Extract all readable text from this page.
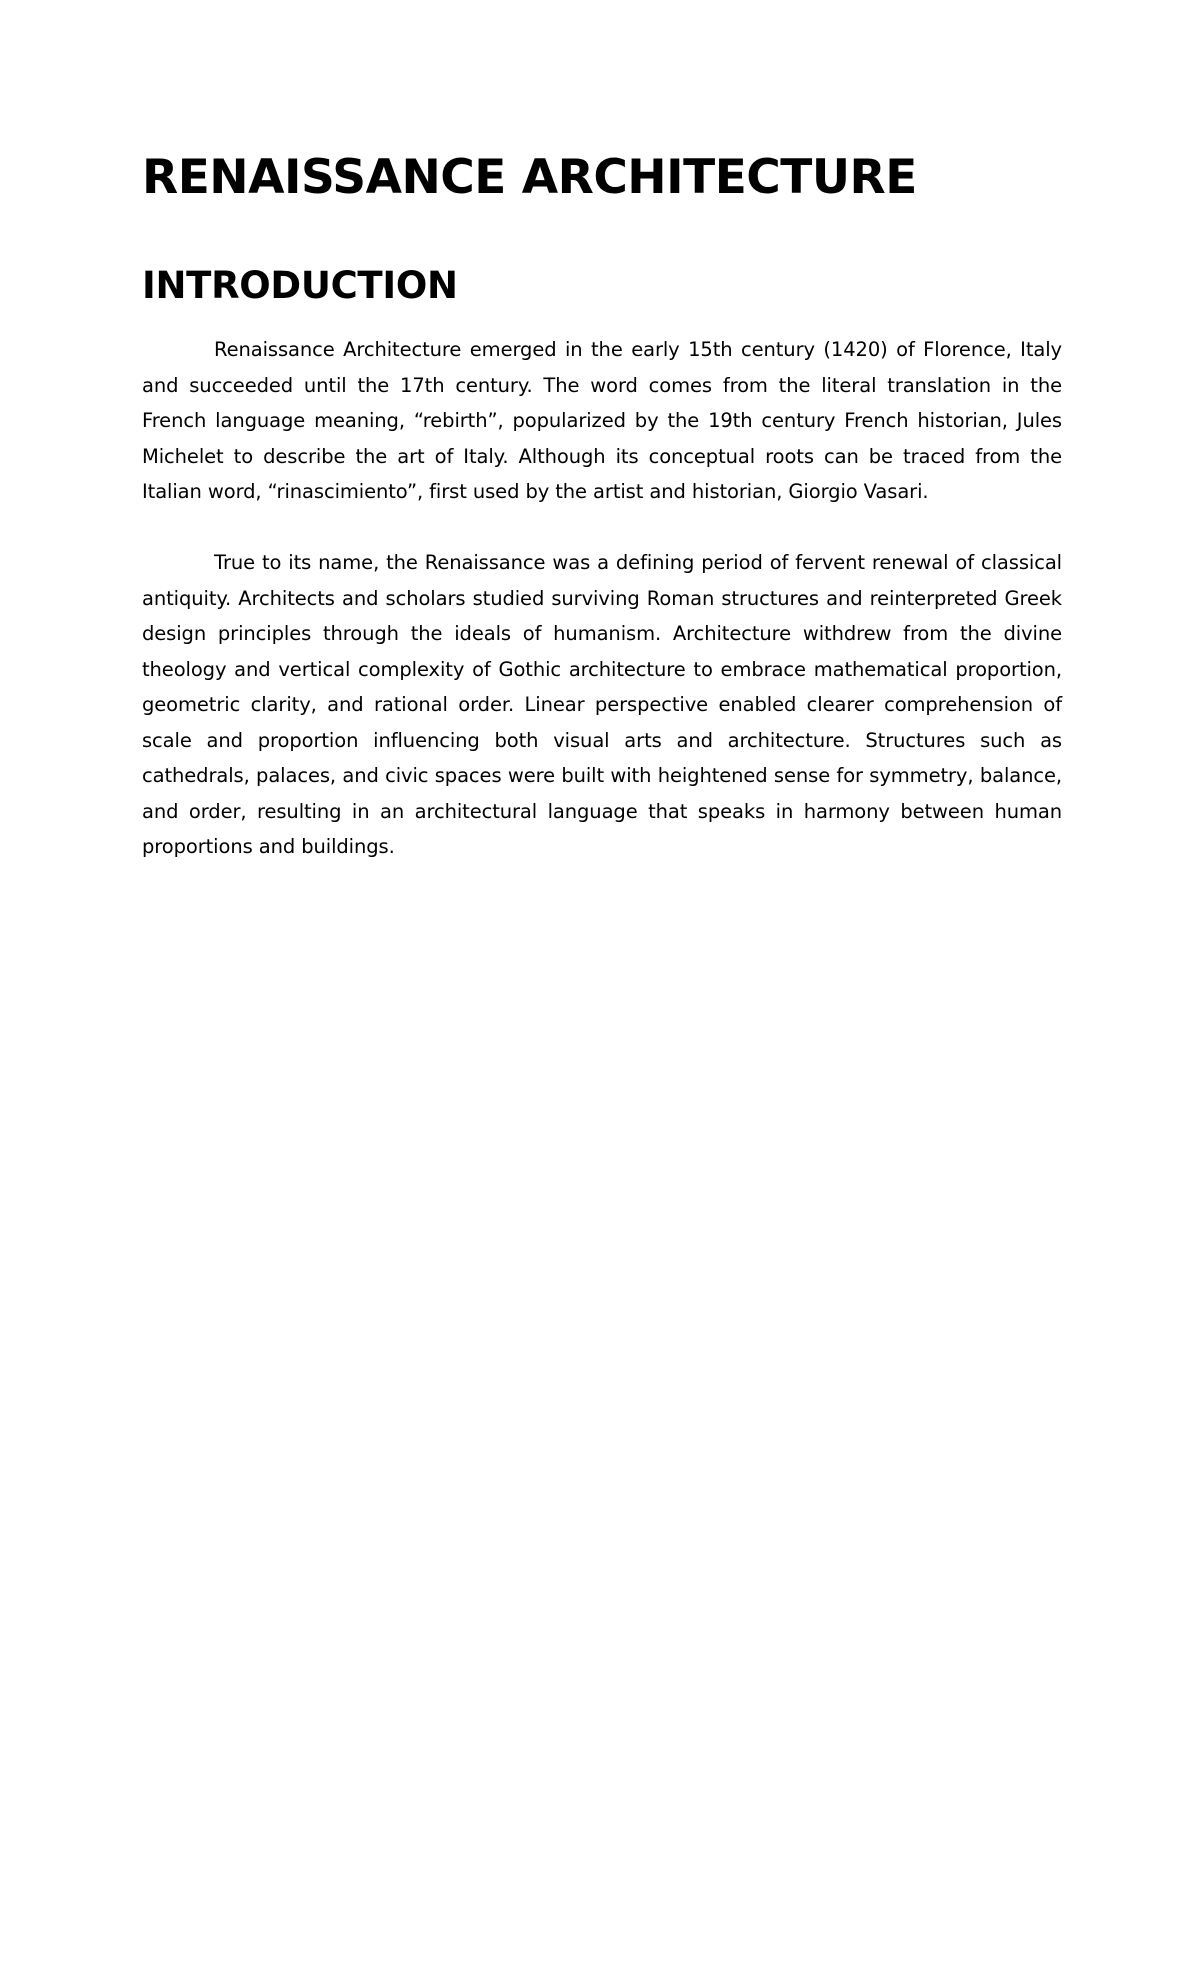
RENAISSANCE ARCHITECTURE
INTRODUCTION

Renaissance Architecture emerged in the early 15th century (1420) of Florence, Italy and succeeded until the 17th century. The word comes from the literal translation in the French language meaning, “rebirth”, popularized by the 19th century French historian, Jules Michelet to describe the art of Italy. Although its conceptual roots can be traced from the Italian word, “rinascimiento”, first used by the artist and historian, Giorgio Vasari.

True to its name, the Renaissance was a defining period of fervent renewal of classical antiquity. Architects and scholars studied surviving Roman structures and reinterpreted Greek design principles through the ideals of humanism. Architecture withdrew from the divine theology and vertical complexity of Gothic architecture to embrace mathematical proportion, geometric clarity, and rational order. Linear perspective enabled clearer comprehension of scale and proportion influencing both visual arts and architecture. Structures such as cathedrals, palaces, and civic spaces were built with heightened sense for symmetry, balance, and order, resulting in an architectural language that speaks in harmony between human proportions and buildings.
